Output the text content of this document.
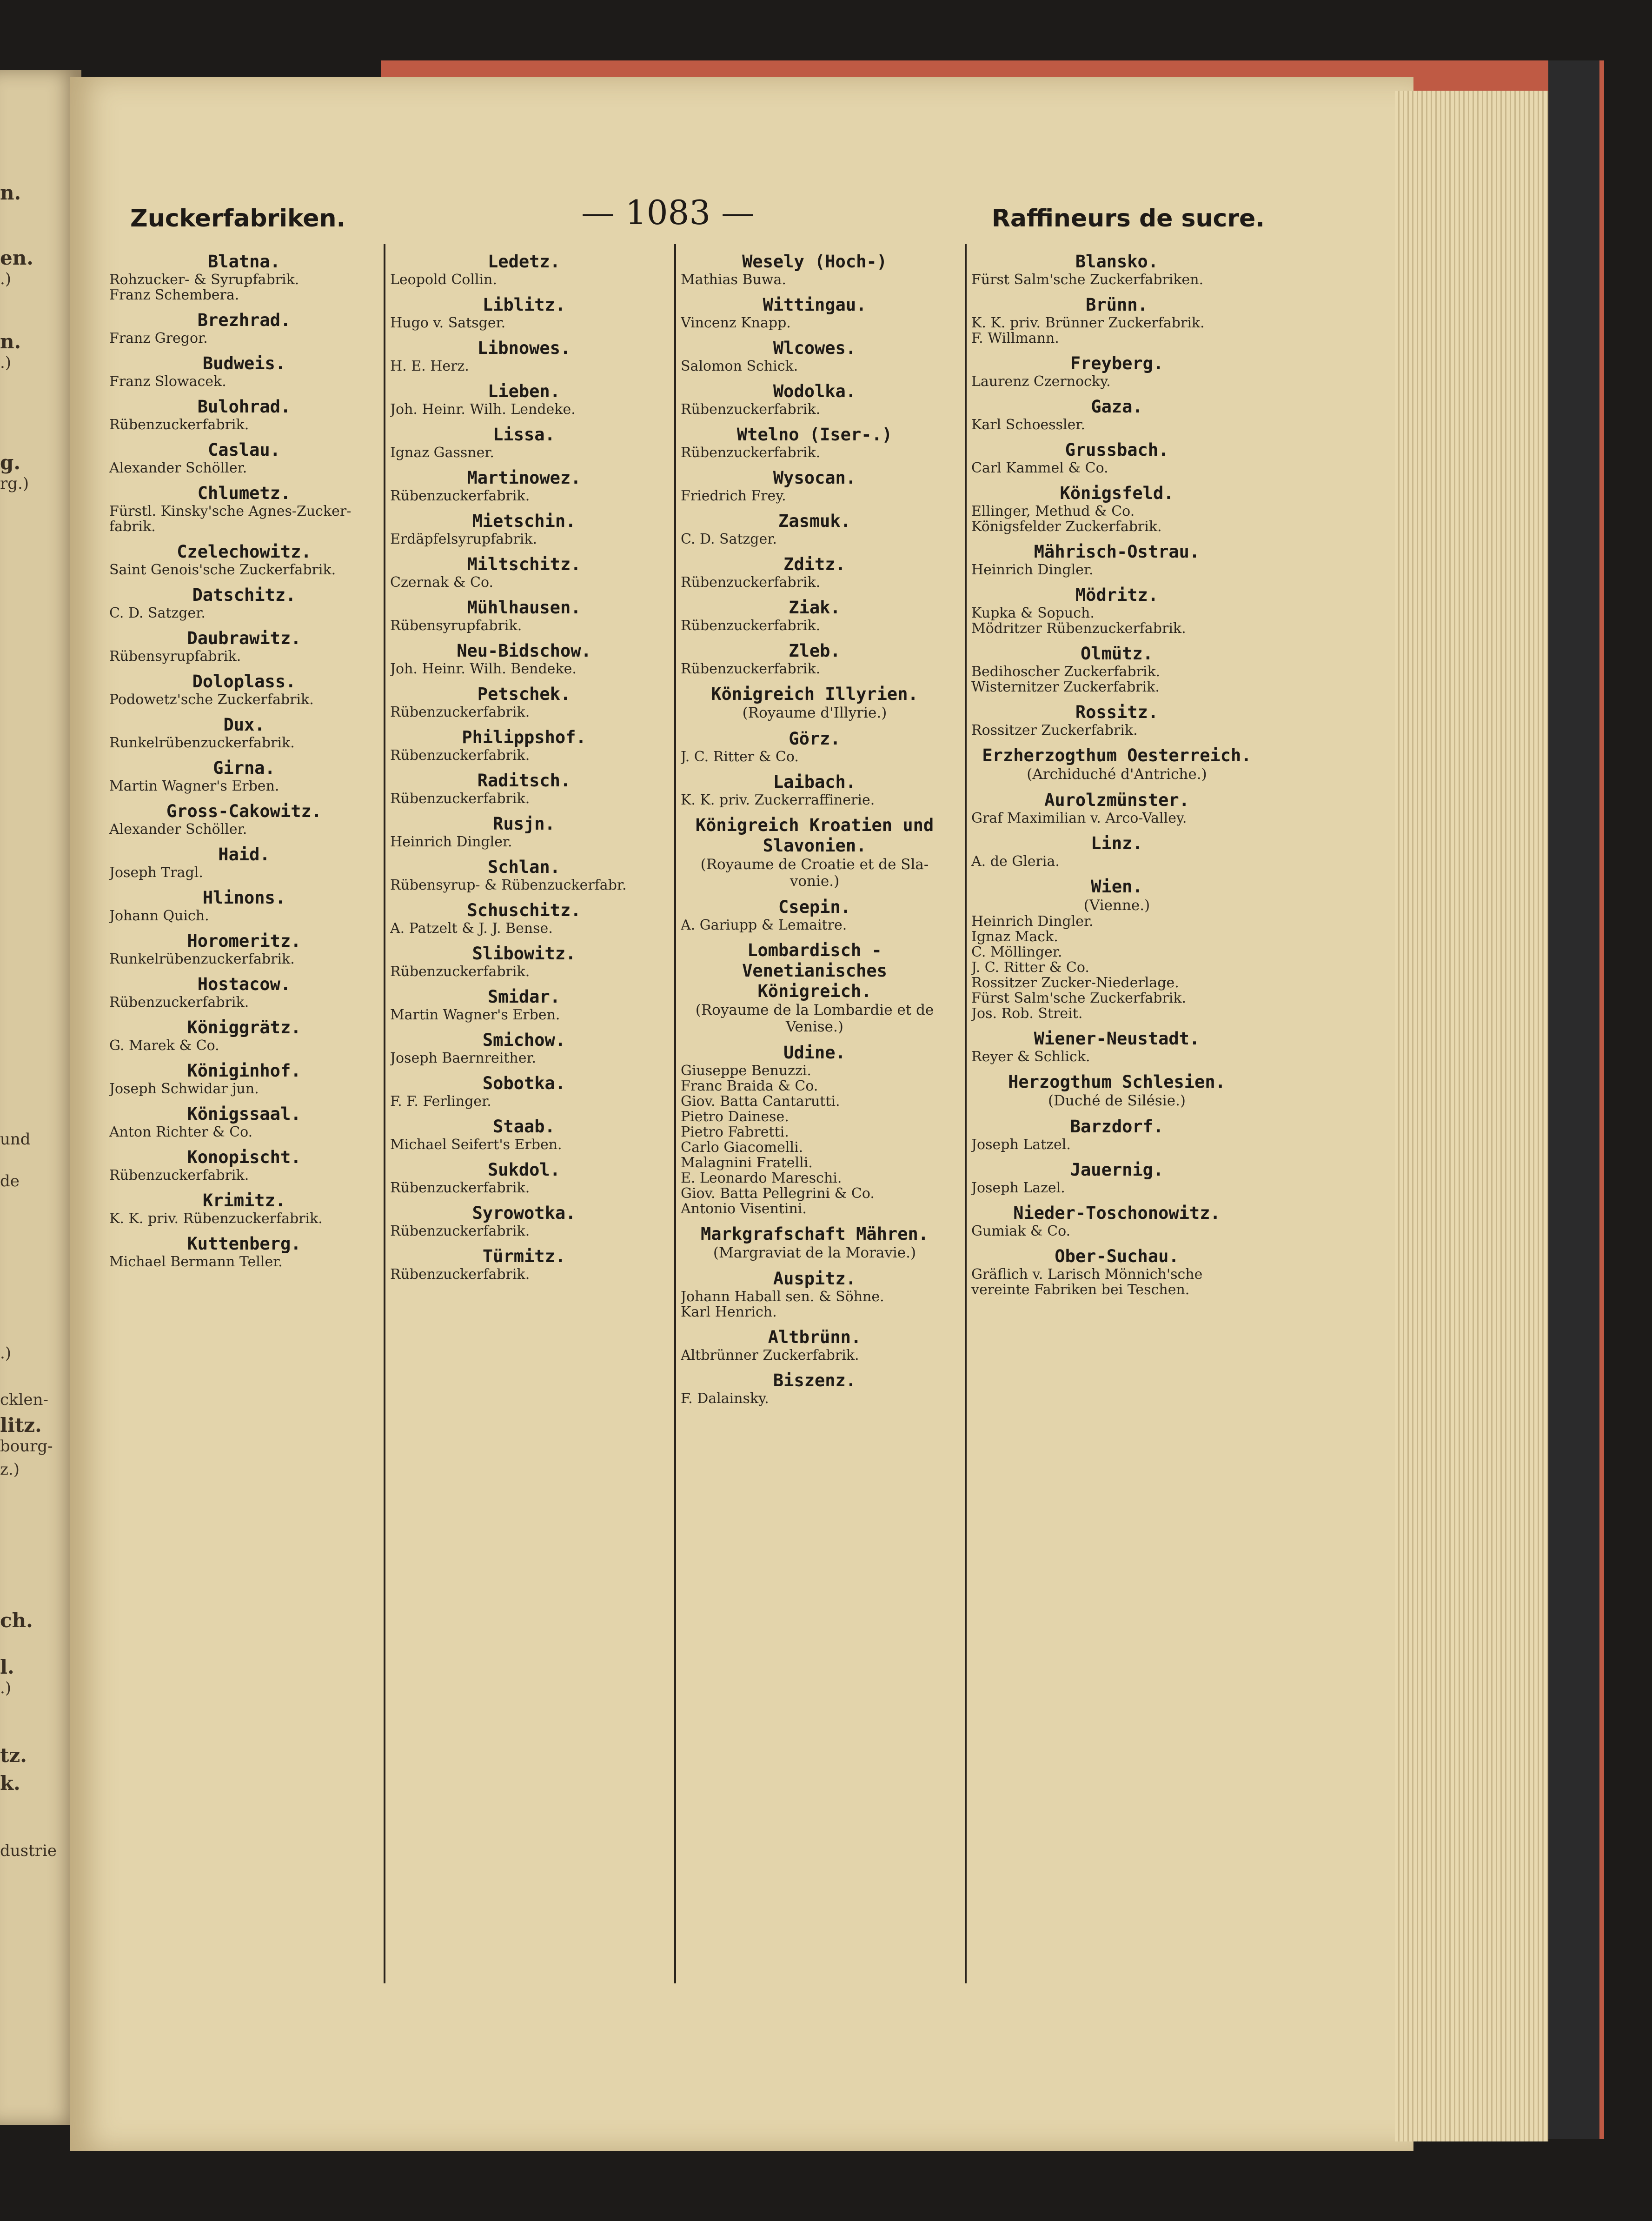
n.
en.
.)
n.
.)
g.
rg.)
und
de
.)
cklen-
litz.
bourg-
z.)
ch.
l.
.)
tz.
k.
dustrie
Zuckerfabriken.	— 1083 —	Raffineurs de sucre.
Blatna.
Rohzucker- & Syrupfabrik.
Franz Schembera.
Brezhrad.
Franz Gregor.
Budweis.
Franz Slowacek.
Bulohrad.
Rübenzuckerfabrik.
Caslau.
Alexander Schöller.
Chlumetz.
Fürstl. Kinsky'sche Agnes-Zucker-
fabrik.
Czelechowitz.
Saint Genois'sche Zuckerfabrik.
Datschitz.
C. D. Satzger.
Daubrawitz.
Rübensyrupfabrik.
Doloplass.
Podowetz'sche Zuckerfabrik.
Dux.
Runkelrübenzuckerfabrik.
Girna.
Martin Wagner's Erben.
Gross-Cakowitz.
Alexander Schöller.
Haid.
Joseph Tragl.
Hlinons.
Johann Quich.
Horomeritz.
Runkelrübenzuckerfabrik.
Hostacow.
Rübenzuckerfabrik.
Königgrätz.
G. Marek & Co.
Königinhof.
Joseph Schwidar jun.
Königssaal.
Anton Richter & Co.
Konopischt.
Rübenzuckerfabrik.
Krimitz.
K. K. priv. Rübenzuckerfabrik.
Kuttenberg.
Michael Bermann Teller.
Ledetz.
Leopold Collin.
Liblitz.
Hugo v. Satsger.
Libnowes.
H. E. Herz.
Lieben.
Joh. Heinr. Wilh. Lendeke.
Lissa.
Ignaz Gassner.
Martinowez.
Rübenzuckerfabrik.
Mietschin.
Erdäpfelsyrupfabrik.
Miltschitz.
Czernak & Co.
Mühlhausen.
Rübensyrupfabrik.
Neu-Bidschow.
Joh. Heinr. Wilh. Bendeke.
Petschek.
Rübenzuckerfabrik.
Philippshof.
Rübenzuckerfabrik.
Raditsch.
Rübenzuckerfabrik.
Rusjn.
Heinrich Dingler.
Schlan.
Rübensyrup- & Rübenzuckerfabr.
Schuschitz.
A. Patzelt & J. J. Bense.
Slibowitz.
Rübenzuckerfabrik.
Smidar.
Martin Wagner's Erben.
Smichow.
Joseph Baernreither.
Sobotka.
F. F. Ferlinger.
Staab.
Michael Seifert's Erben.
Sukdol.
Rübenzuckerfabrik.
Syrowotka.
Rübenzuckerfabrik.
Türmitz.
Rübenzuckerfabrik.
Wesely (Hoch-)
Mathias Buwa.
Wittingau.
Vincenz Knapp.
Wlcowes.
Salomon Schick.
Wodolka.
Rübenzuckerfabrik.
Wtelno (Iser-.)
Rübenzuckerfabrik.
Wysocan.
Friedrich Frey.
Zasmuk.
C. D. Satzger.
Zditz.
Rübenzuckerfabrik.
Ziak.
Rübenzuckerfabrik.
Zleb.
Rübenzuckerfabrik.
Königreich Illyrien.
(Royaume d'Illyrie.)
Görz.
J. C. Ritter & Co.
Laibach.
K. K. priv. Zuckerraffinerie.
Königreich Kroatien und Slavonien.
(Royaume de Croatie et de Sla-
vonie.)
Csepin.
A. Gariupp & Lemaitre.
Lombardisch - Venetianisches Königreich.
(Royaume de la Lombardie et de
Venise.)
Udine.
Giuseppe Benuzzi.
Franc Braida & Co.
Giov. Batta Cantarutti.
Pietro Dainese.
Pietro Fabretti.
Carlo Giacomelli.
Malagnini Fratelli.
E. Leonardo Mareschi.
Giov. Batta Pellegrini & Co.
Antonio Visentini.
Markgrafschaft Mähren.
(Margraviat de la Moravie.)
Auspitz.
Johann Haball sen. & Söhne.
Karl Henrich.
Altbrünn.
Altbrünner Zuckerfabrik.
Biszenz.
F. Dalainsky.
Blansko.
Fürst Salm'sche Zuckerfabriken.
Brünn.
K. K. priv. Brünner Zuckerfabrik.
F. Willmann.
Freyberg.
Laurenz Czernocky.
Gaza.
Karl Schoessler.
Grussbach.
Carl Kammel & Co.
Königsfeld.
Ellinger, Methud & Co.
Königsfelder Zuckerfabrik.
Mährisch-Ostrau.
Heinrich Dingler.
Mödritz.
Kupka & Sopuch.
Mödritzer Rübenzuckerfabrik.
Olmütz.
Bedihoscher Zuckerfabrik.
Wisternitzer Zuckerfabrik.
Rossitz.
Rossitzer Zuckerfabrik.
Erzherzogthum Oesterreich.
(Archiduché d'Antriche.)
Aurolzmünster.
Graf Maximilian v. Arco-Valley.
Linz.
A. de Gleria.
Wien.
(Vienne.)
Heinrich Dingler.
Ignaz Mack.
C. Möllinger.
J. C. Ritter & Co.
Rossitzer Zucker-Niederlage.
Fürst Salm'sche Zuckerfabrik.
Jos. Rob. Streit.
Wiener-Neustadt.
Reyer & Schlick.
Herzogthum Schlesien.
(Duché de Silésie.)
Barzdorf.
Joseph Latzel.
Jauernig.
Joseph Lazel.
Nieder-Toschonowitz.
Gumiak & Co.
Ober-Suchau.
Gräflich v. Larisch Mönnich'sche
vereinte Fabriken bei Teschen.
